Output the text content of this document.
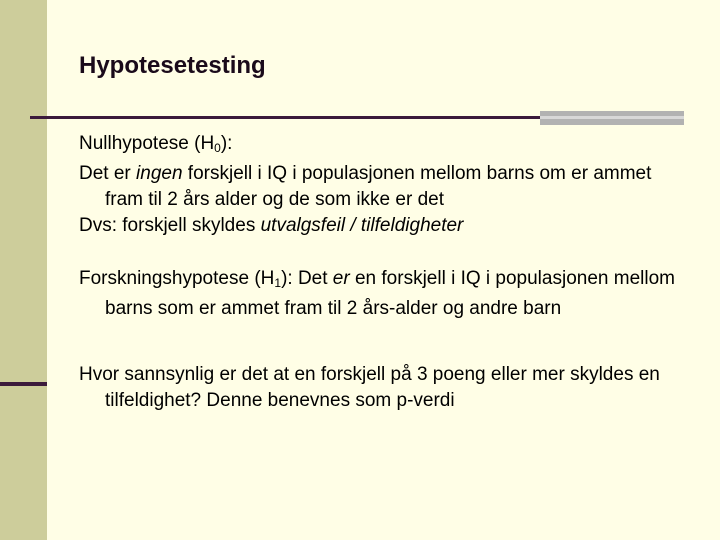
Hypotesetesting

Nullhypotese $(H_0)$:

Det er ingen forskjell i IQ i populasjonen mellom barns om er ammet fram til 2 års alder og de som ikke er det

Dvs: forskjell skyldes utvalgsfeil / tilfeldigheter

Forskningshypotese $(H_1)$: Det er en forskjell i IQ i populasjonen mellom barns som er ammet fram til 2 års-alder og andre barn

Hvor sannsynlig er det at en forskjell på 3 poeng eller mer skyldes en tilfeldighet? Denne benevnes som p-verdi
